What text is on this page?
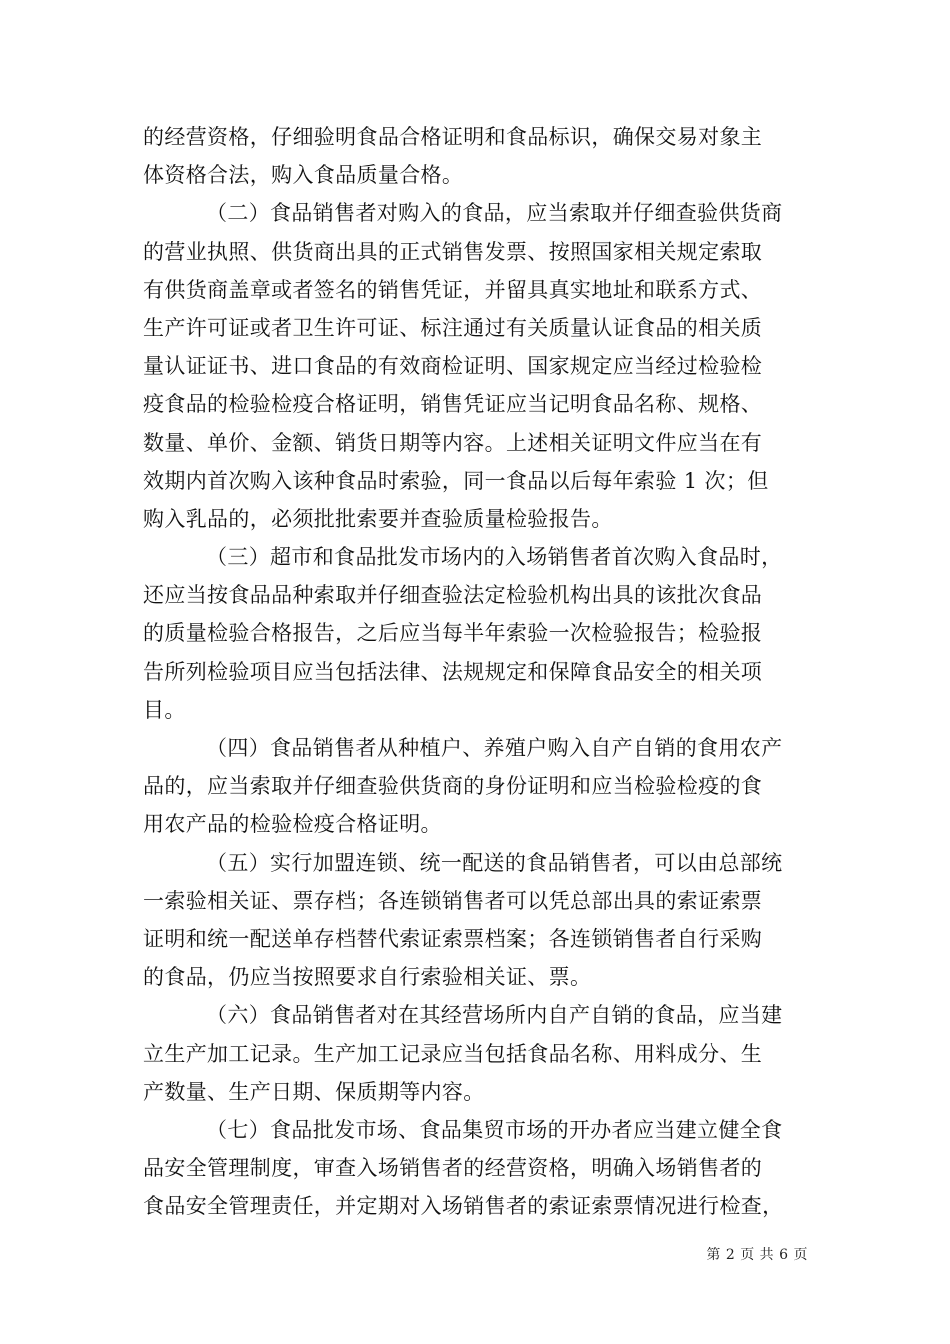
的经营资格，仔细验明食品合格证明和食品标识，确保交易对象主
体资格合法，购入食品质量合格。
（二）食品销售者对购入的食品，应当索取并仔细查验供货商
的营业执照、供货商出具的正式销售发票、按照国家相关规定索取
有供货商盖章或者签名的销售凭证，并留具真实地址和联系方式、
生产许可证或者卫生许可证、标注通过有关质量认证食品的相关质
量认证证书、进口食品的有效商检证明、国家规定应当经过检验检
疫食品的检验检疫合格证明，销售凭证应当记明食品名称、规格、
数量、单价、金额、销货日期等内容。上述相关证明文件应当在有
效期内首次购入该种食品时索验，同一食品以后每年索验 1 次；但
购入乳品的，必须批批索要并查验质量检验报告。
（三）超市和食品批发市场内的入场销售者首次购入食品时，
还应当按食品品种索取并仔细查验法定检验机构出具的该批次食品
的质量检验合格报告，之后应当每半年索验一次检验报告；检验报
告所列检验项目应当包括法律、法规规定和保障食品安全的相关项
目。
（四）食品销售者从种植户、养殖户购入自产自销的食用农产
品的，应当索取并仔细查验供货商的身份证明和应当检验检疫的食
用农产品的检验检疫合格证明。
（五）实行加盟连锁、统一配送的食品销售者，可以由总部统
一索验相关证、票存档；各连锁销售者可以凭总部出具的索证索票
证明和统一配送单存档替代索证索票档案；各连锁销售者自行采购
的食品，仍应当按照要求自行索验相关证、票。
（六）食品销售者对在其经营场所内自产自销的食品，应当建
立生产加工记录。生产加工记录应当包括食品名称、用料成分、生
产数量、生产日期、保质期等内容。
（七）食品批发市场、食品集贸市场的开办者应当建立健全食
品安全管理制度，审查入场销售者的经营资格，明确入场销售者的
食品安全管理责任，并定期对入场销售者的索证索票情况进行检查，
第 2 页 共 6 页
